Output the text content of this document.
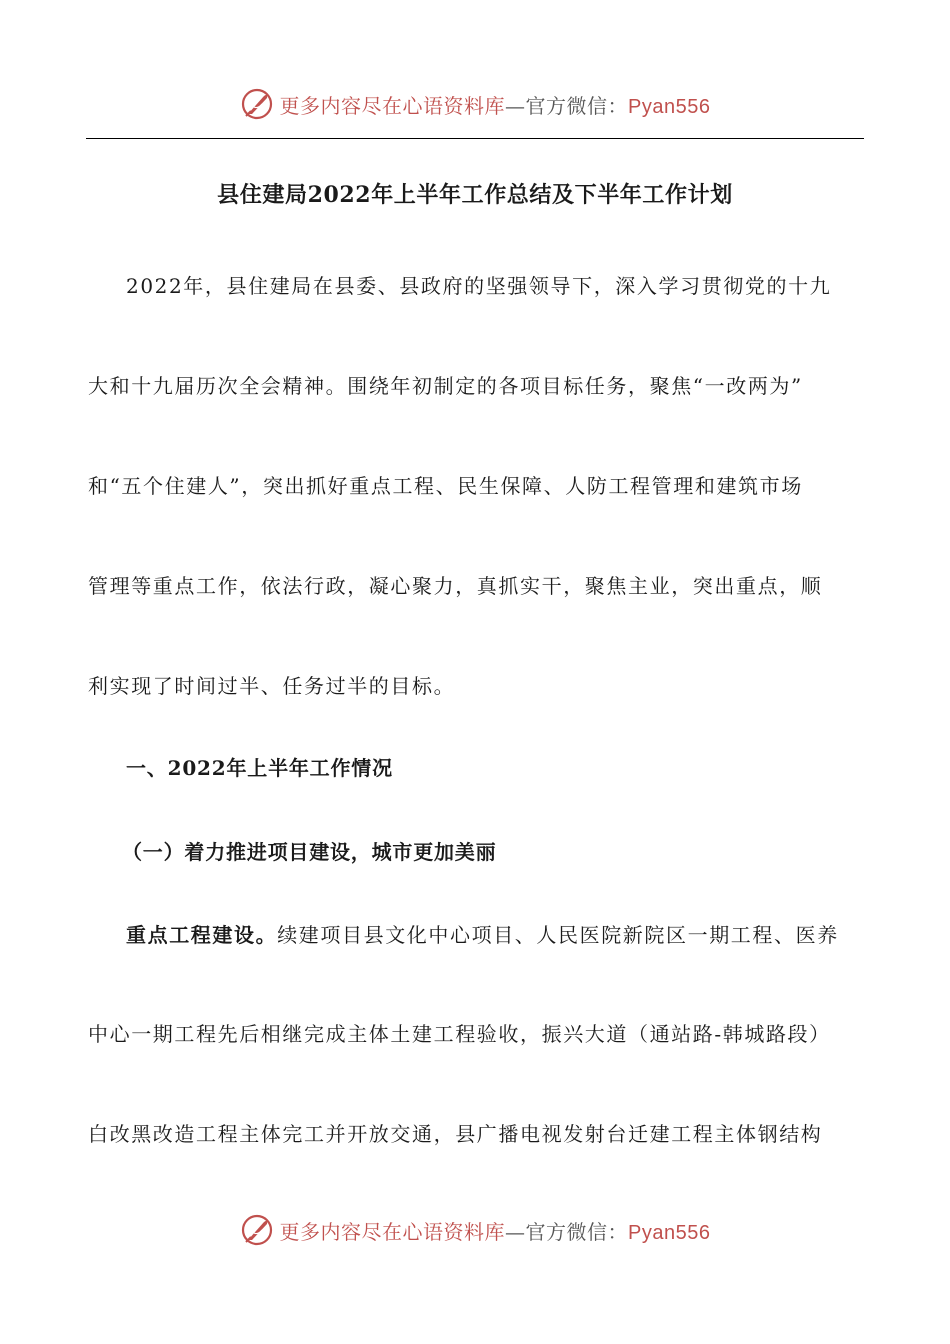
更多内容尽在心语资料库—官方微信：Pyan556
县住建局2022年上半年工作总结及下半年工作计划
2022年，县住建局在县委、县政府的坚强领导下，深入学习贯彻党的十九
大和十九届历次全会精神。围绕年初制定的各项目标任务，聚焦“一改两为”
和“五个住建人”，突出抓好重点工程、民生保障、人防工程管理和建筑市场
管理等重点工作，依法行政，凝心聚力，真抓实干，聚焦主业，突出重点，顺
利实现了时间过半、任务过半的目标。
一、2022年上半年工作情况
（一）着力推进项目建设，城市更加美丽
重点工程建设。续建项目县文化中心项目、人民医院新院区一期工程、医养
中心一期工程先后相继完成主体土建工程验收，振兴大道（通站路-韩城路段）
白改黑改造工程主体完工并开放交通，县广播电视发射台迁建工程主体钢结构
更多内容尽在心语资料库—官方微信：Pyan556
